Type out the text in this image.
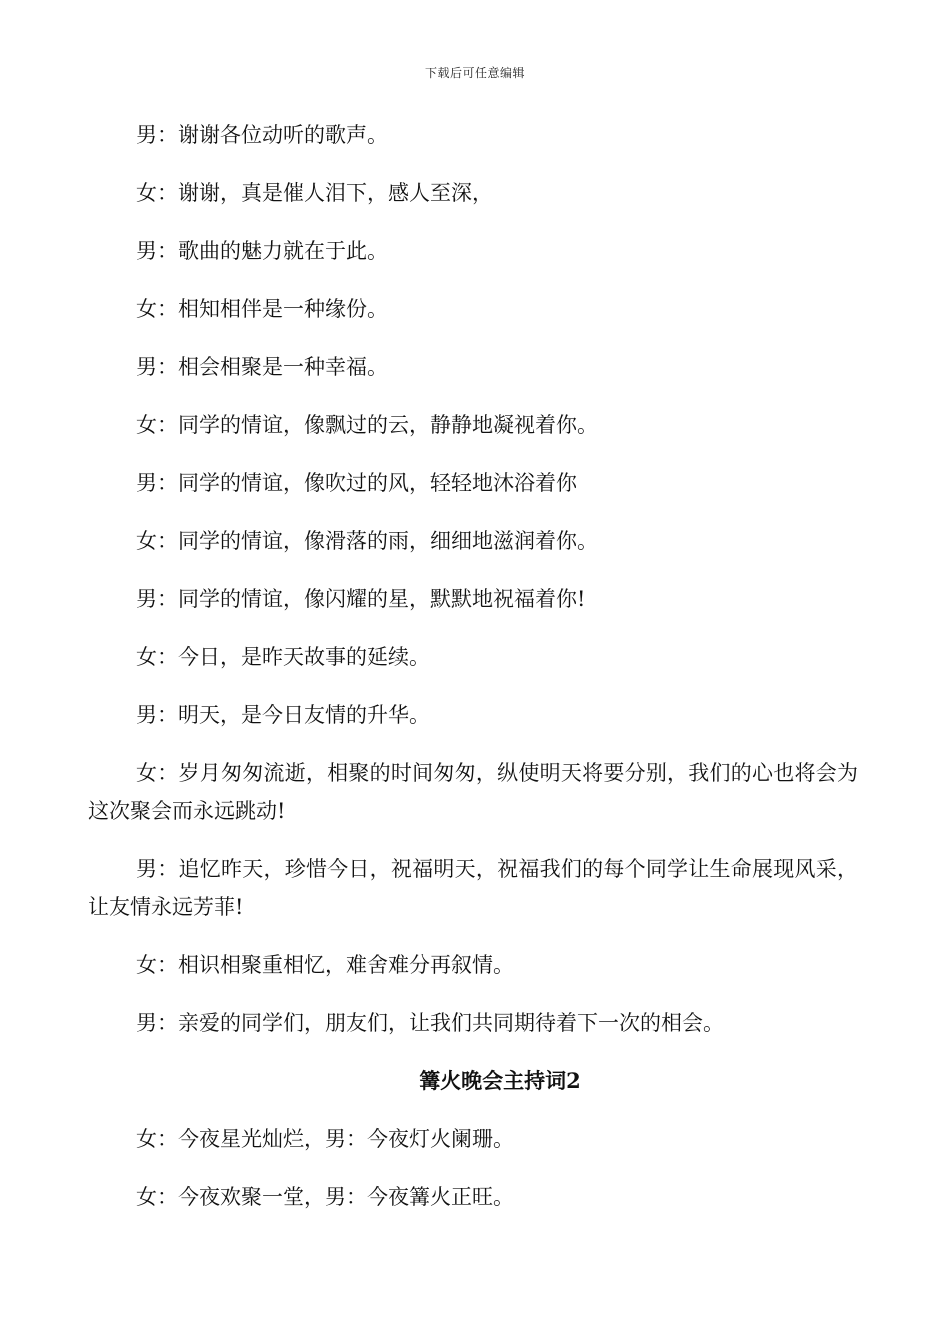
下载后可任意编辑

男：谢谢各位动听的歌声。

女：谢谢，真是催人泪下，感人至深，

男：歌曲的魅力就在于此。

女：相知相伴是一种缘份。

男：相会相聚是一种幸福。

女：同学的情谊，像飘过的云，静静地凝视着你。

男：同学的情谊，像吹过的风，轻轻地沐浴着你

女：同学的情谊，像滑落的雨，细细地滋润着你。

男：同学的情谊，像闪耀的星，默默地祝福着你!

女：今日，是昨天故事的延续。

男：明天，是今日友情的升华。

女：岁月匆匆流逝，相聚的时间匆匆，纵使明天将要分别，我们的心也将会为这次聚会而永远跳动!

男：追忆昨天，珍惜今日，祝福明天，祝福我们的每个同学让生命展现风采，让友情永远芳菲!

女：相识相聚重相忆，难舍难分再叙情。

男：亲爱的同学们，朋友们，让我们共同期待着下一次的相会。

篝火晚会主持词2

女：今夜星光灿烂，男：今夜灯火阑珊。

女：今夜欢聚一堂，男：今夜篝火正旺。
